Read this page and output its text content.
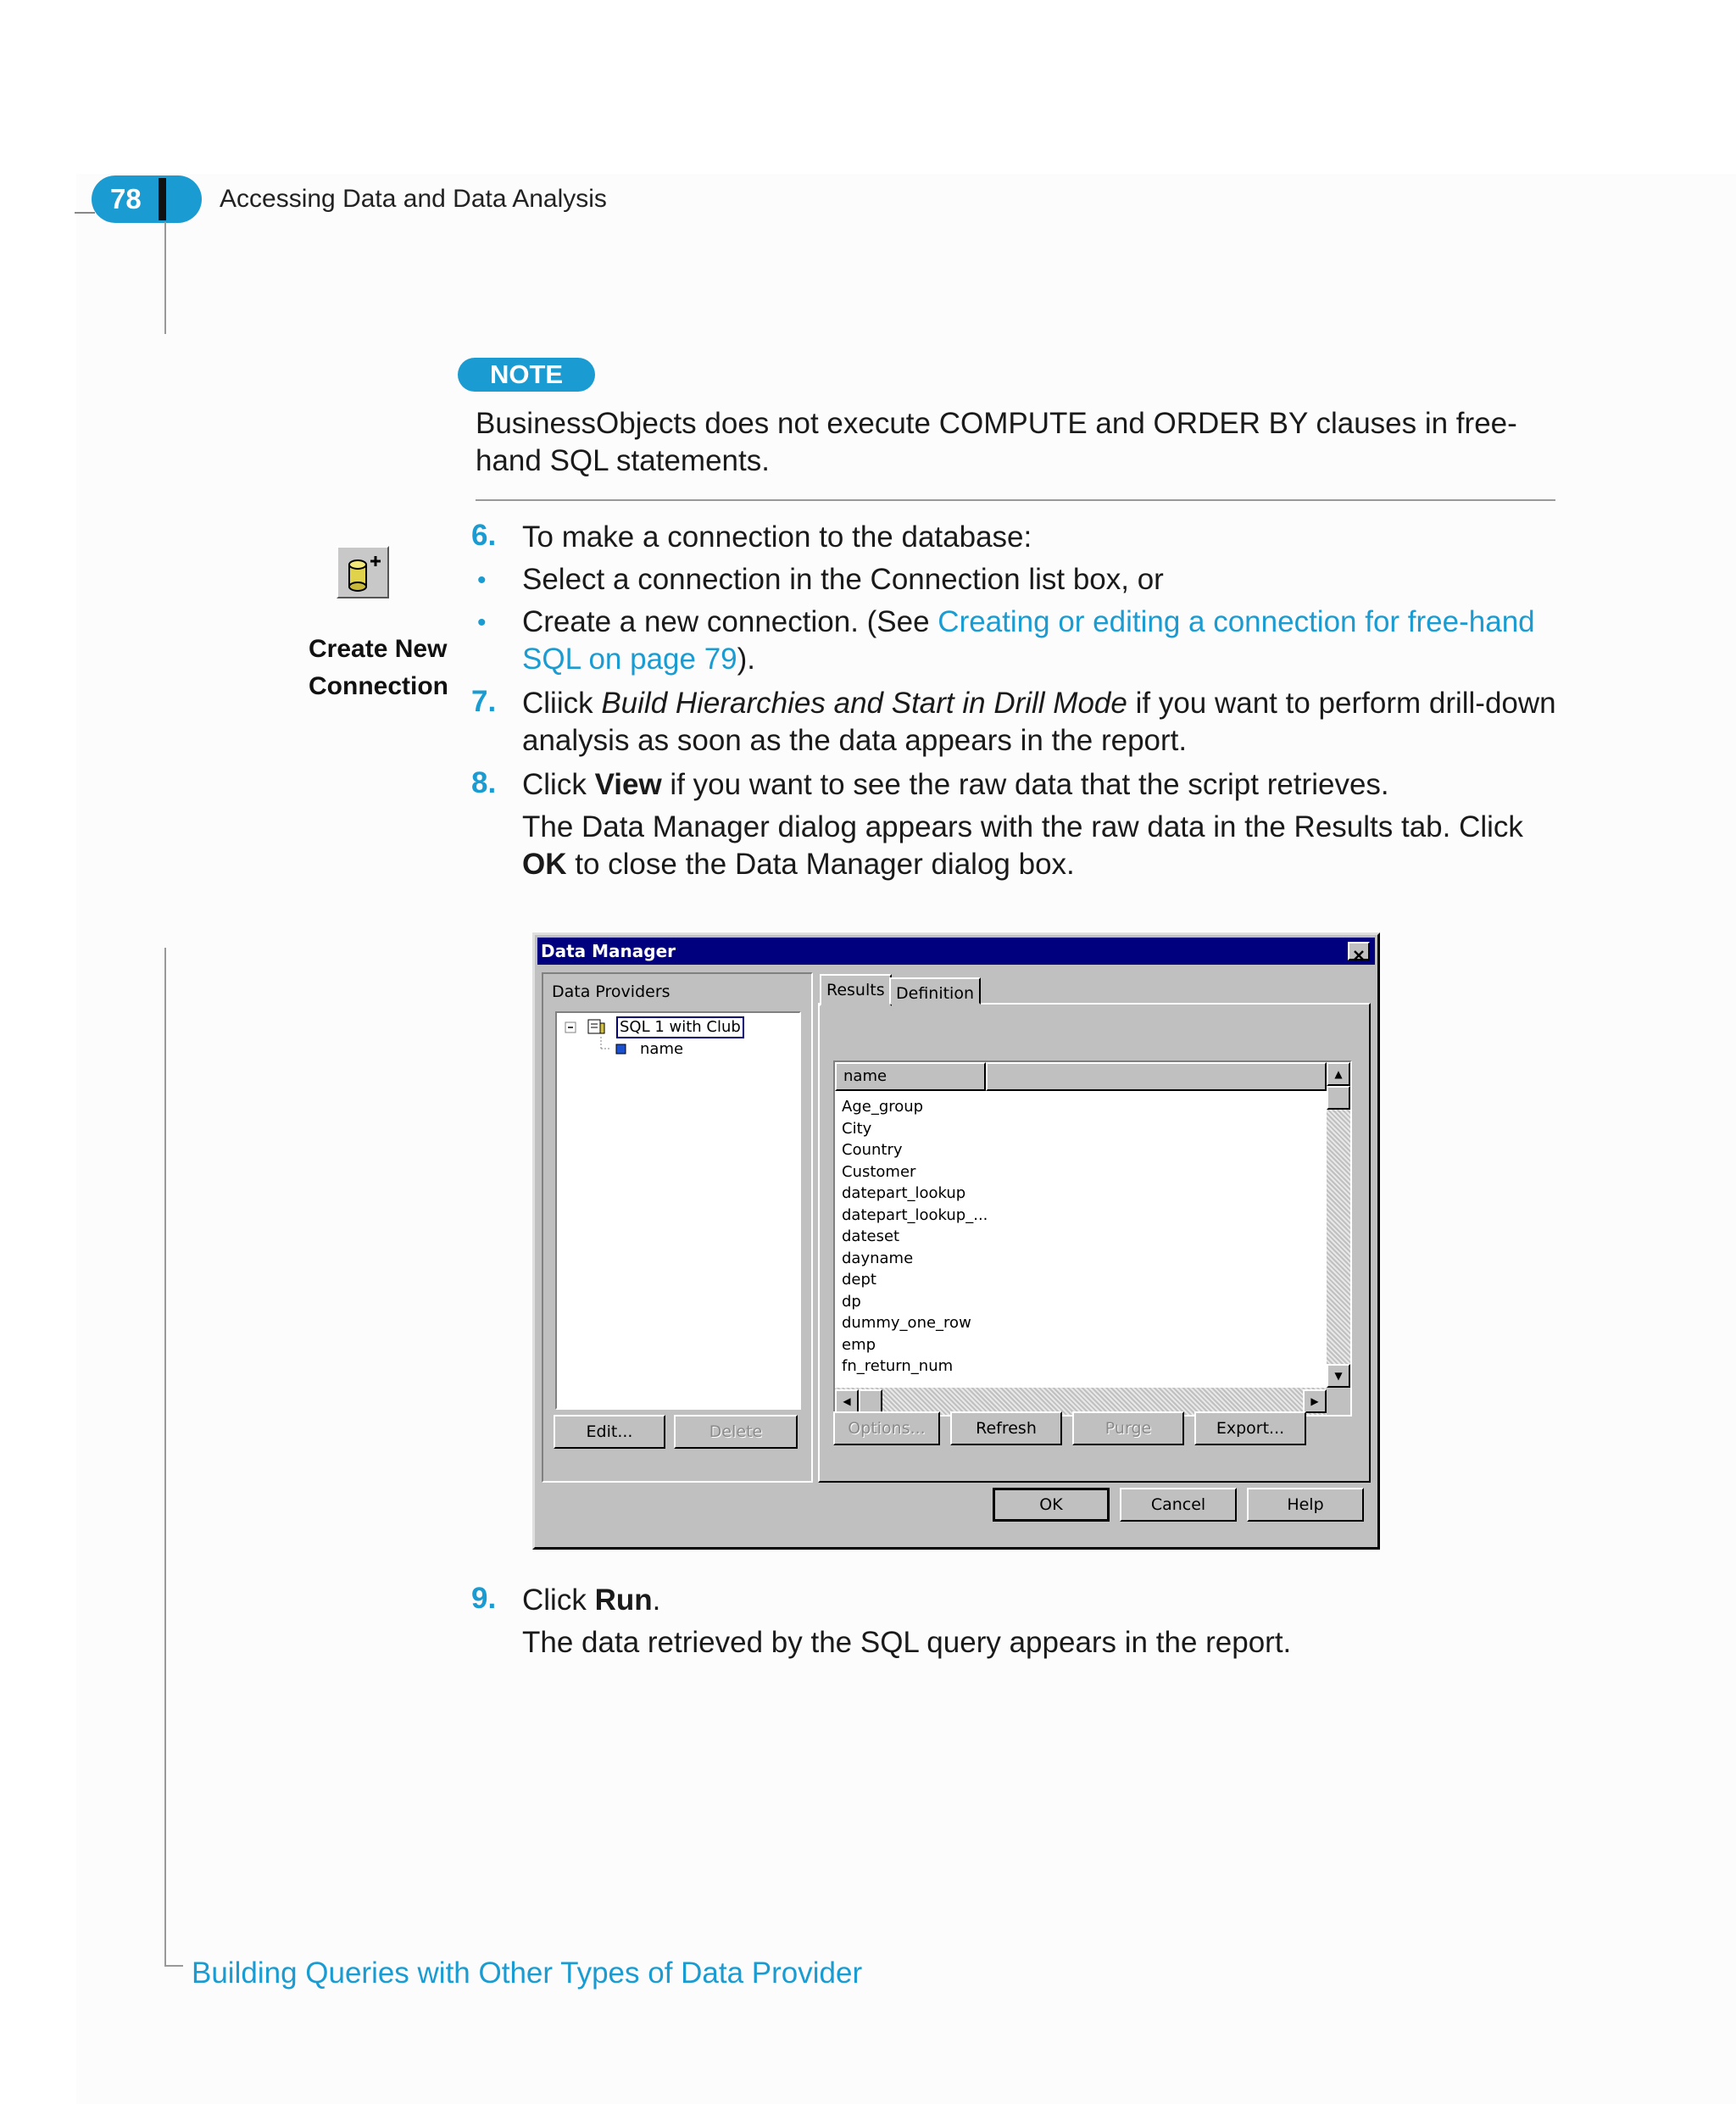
78	Accessing Data and Data Analysis
NOTE
BusinessObjects does not execute COMPUTE and ORDER BY clauses in free-hand SQL statements.
Create New
Connection
6. To make a connection to the database:
• Select a connection in the Connection list box, or
• Create a new connection. (See Creating or editing a connection for free-hand SQL on page 79).
7. Cliick Build Hierarchies and Start in Drill Mode if you want to perform drill-down analysis as soon as the data appears in the report.
8. Click View if you want to see the raw data that the script retrieves.
The Data Manager dialog appears with the raw data in the Results tab. Click OK to close the Data Manager dialog box.
Data Manager
Data Providers
SQL 1 with Club
name
Edit...	Delete
Results Definition
name
Age_group
City
Country
Customer
datepart_lookup
datepart_lookup_...
dateset
dayname
dept
dp
dummy_one_row
emp
fn_return_num
▲
▼
◀	▶
Options...	Refresh	Purge	Export...
OK	Cancel	Help
9. Click Run.
The data retrieved by the SQL query appears in the report.
Building Queries with Other Types of Data Provider
